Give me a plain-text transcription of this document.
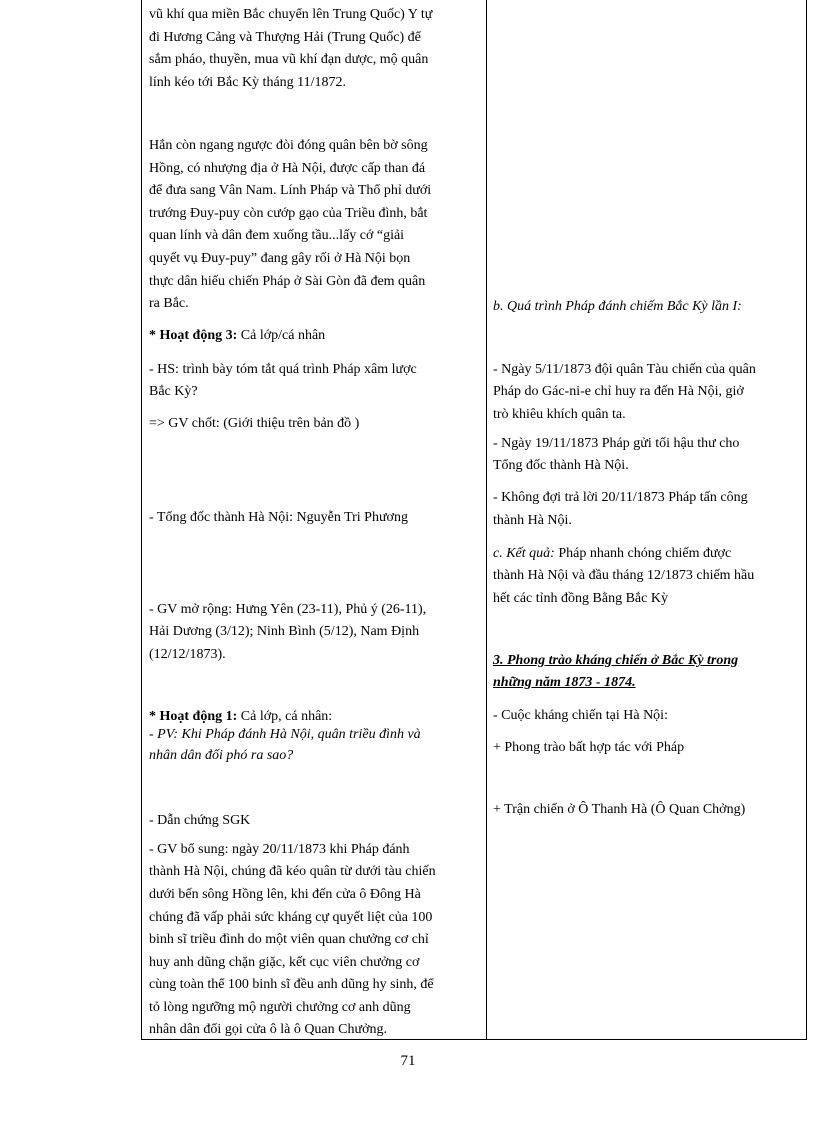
vũ khí qua miền Bắc chuyển lên Trung Quốc) Y tự
đi Hương Cảng và Thượng Hải (Trung Quốc) để
sắm pháo, thuyền, mua vũ khí đạn dược, mộ quân
lính kéo tới Bắc Kỳ tháng 11/1872.
Hắn còn ngang ngược đòi đóng quân bên bờ sông
Hồng, có nhượng địa ở Hà Nội, được cấp than đá
để đưa sang Vân Nam. Lính Pháp và Thổ phỉ dưới
trướng Đuy-puy còn cướp gạo của Triều đình, bắt
quan lính và dân đem xuống tầu...lấy cớ “giải
quyết vụ Đuy-puy” đang gây rối ở Hà Nội bọn
thực dân hiếu chiến Pháp ở Sài Gòn đã đem quân
ra Bắc.
* Hoạt động 3: Cả lớp/cá nhân
- HS: trình bày tóm tắt quá trình Pháp xâm lược
Bắc Kỳ?
=> GV chốt: (Giới thiệu trên bản đồ )
- Tổng đốc thành Hà Nội: Nguyễn Tri Phương
- GV mở rộng: Hưng Yên (23-11), Phủ ý (26-11),
Hải Dương (3/12); Ninh Bình (5/12), Nam Định
(12/12/1873).
* Hoạt động 1: Cả lớp, cá nhân:
- PV: Khi Pháp đánh Hà Nội, quân triều đình và
nhân dân đối phó ra sao?
- Dẫn chứng SGK
- GV bổ sung: ngày 20/11/1873 khi Pháp đánh
thành Hà Nội, chúng đã kéo quân từ dưới tàu chiến
dưới bến sông Hồng lên, khi đến cửa ô Đông Hà
chúng đã vấp phải sức kháng cự quyết liệt của 100
binh sĩ triều đình do một viên quan chưởng cơ chỉ
huy anh dũng chặn giặc, kết cục viên chưởng cơ
cùng toàn thể 100 binh sĩ đều anh dũng hy sinh, để
tỏ lòng ngưỡng mộ người chưởng cơ anh dũng
nhân dân đổi gọi cửa ô là ô Quan Chưởng.
b. Quá trình Pháp đánh chiếm Bắc Kỳ lần I:
- Ngày 5/11/1873 đội quân Tàu chiến của quân
Pháp do Gác-ni-e chỉ huy ra đến Hà Nội, giở
trò khiêu khích quân ta.
- Ngày 19/11/1873 Pháp gửi tối hậu thư cho
Tổng đốc thành Hà Nội.
- Không đợi trả lời 20/11/1873 Pháp tấn công
thành Hà Nội.
c. Kết quả: Pháp nhanh chóng chiếm được
thành Hà Nội và đầu tháng 12/1873 chiếm hầu
hết các tỉnh đồng Bằng Bắc Kỳ
3. Phong trào kháng chiến ở Bắc Kỳ trong
những năm 1873 - 1874.
- Cuộc kháng chiến tại Hà Nội:
+ Phong trào bất hợp tác với Pháp
+ Trận chiến ở Ô Thanh Hà (Ô Quan Chởng)
71
